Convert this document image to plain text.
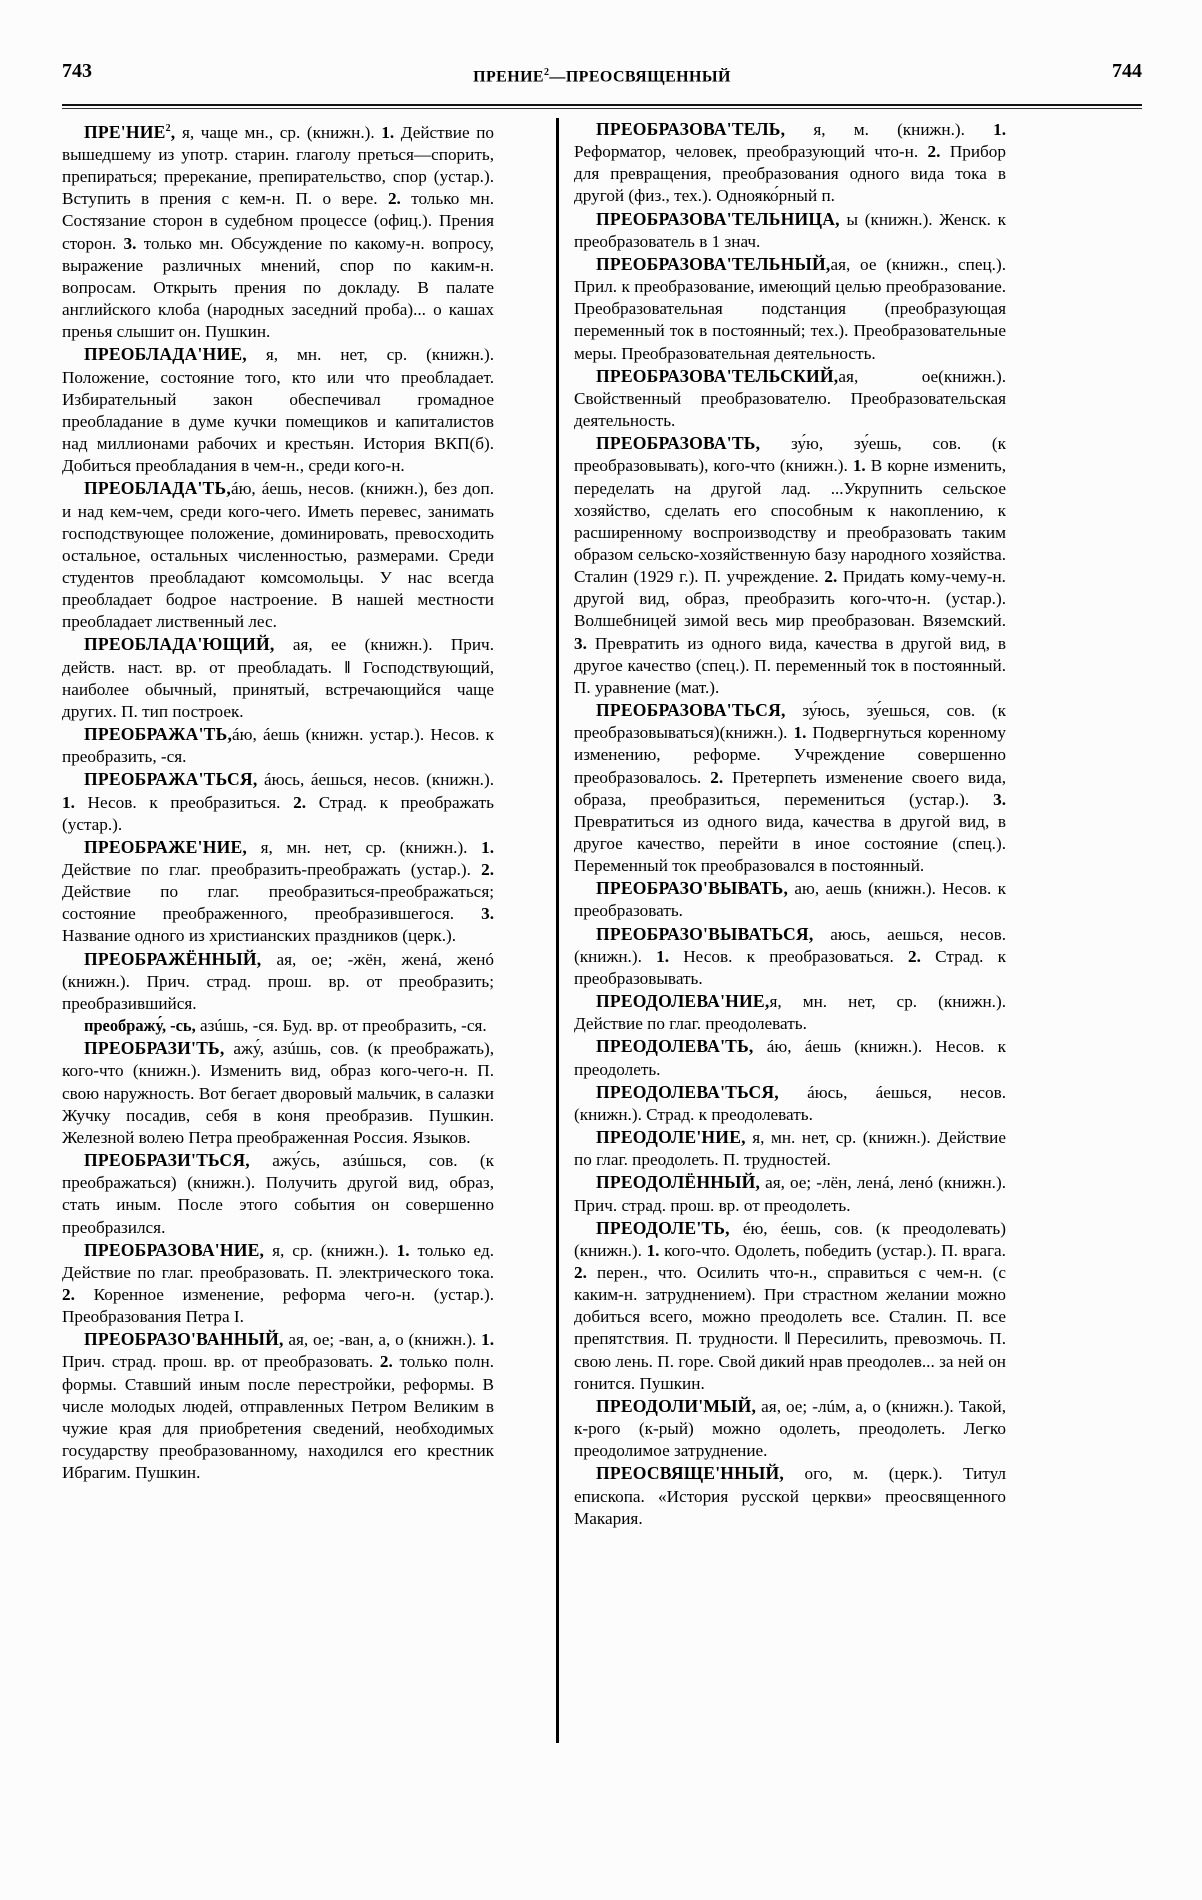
743	ПРЕНИЕ$^2$—ПРЕОСВЯЩЕННЫЙ	744

ПРЕ'НИЕ$^2$, я, чаще мн., ср. (книжн.). 1. Действие по вышедшему из употр. старин. глаголу преться—спорить, препираться; пререкание, препирательство, спор (устар.). Вступить в прения с кем-н. П. о вере. 2. только мн. Состязание сторон в судебном процессе (офиц.). Прения сторон. 3. только мн. Обсуждение по какому-н. вопросу, выражение различных мнений, спор по каким-н. вопросам. Открыть прения по докладу. В палате английского клоба (народных заседний проба)... о кашах пренья слышит он. Пушкин.

ПРЕОБЛАДА'НИЕ, я, мн. нет, ср. (книжн.). Положение, состояние того, кто или что преобладает. Избирательный закон обеспечивал громадное преобладание в думе кучки помещиков и капиталистов над миллионами рабочих и крестьян. История ВКП(б). Добиться преобладания в чем-н., среди кого-н.

ПРЕОБЛАДА'ТЬ,áю, áешь, несов. (книжн.), без доп. и над кем-чем, среди кого-чего. Иметь перевес, занимать господствующее положение, доминировать, превосходить остальное, остальных численностью, размерами. Среди студентов преобладают комсомольцы. У нас всегда преобладает бодрое настроение. В нашей местности преобладает лиственный лес.

ПРЕОБЛАДА'ЮЩИЙ, ая, ее (книжн.). Прич. действ. наст. вр. от преобладать. ‖ Господствующий, наиболее обычный, принятый, встречающийся чаще других. П. тип построек.

ПРЕОБРАЖА'ТЬ,áю, áешь (книжн. устар.). Несов. к преобразить, -ся.

ПРЕОБРАЖА'ТЬСЯ, áюсь, áешься, несов. (книжн.). 1. Несов. к преобразиться. 2. Страд. к преображать (устар.).

ПРЕОБРАЖЕ'НИЕ, я, мн. нет, ср. (книжн.). 1. Действие по глаг. преобразить-преображать (устар.). 2. Действие по глаг. преобразиться-преображаться; состояние преображенного, преобразившегося. 3. Название одного из христианских праздников (церк.).

ПРЕОБРАЖЁННЫЙ, ая, ое; -жён, женá, женó (книжн.). Прич. страд. прош. вр. от преобразить; преобразившийся.

преображу́, -сь, азúшь, -ся. Буд. вр. от преобразить, -ся.

ПРЕОБРАЗИ'ТЬ, ажу́, азúшь, сов. (к преображать), кого-что (книжн.). Изменить вид, образ кого-чего-н. П. свою наружность. Вот бегает дворовый мальчик, в салазки Жучку посадив, себя в коня преобразив. Пушкин. Железной волею Петра преображенная Россия. Языков.

ПРЕОБРАЗИ'ТЬСЯ, ажу́сь, азúшься, сов. (к преображаться) (книжн.). Получить другой вид, образ, стать иным. После этого события он совершенно преобразился.

ПРЕОБРАЗОВА'НИЕ, я, ср. (книжн.). 1. только ед. Действие по глаг. преобразовать. П. электрического тока. 2. Коренное изменение, реформа чего-н. (устар.). Преобразования Петра I.

ПРЕОБРАЗО'ВАННЫЙ, ая, ое; -ван, а, о (книжн.). 1. Прич. страд. прош. вр. от преобразовать. 2. только полн. формы. Ставший иным после перестройки, реформы. В числе молодых людей, отправленных Петром Великим в чужие края для приобретения сведений, необходимых государству преобразованному, находился его крестник Ибрагим. Пушкин.

ПРЕОБРАЗОВА'ТЕЛЬ, я, м. (книжн.). 1. Реформатор, человек, преобразующий что-н. 2. Прибор для превращения, преобразования одного вида тока в другой (физ., тех.). Однояко́рный п.

ПРЕОБРАЗОВА'ТЕЛЬНИЦА, ы (книжн.). Женск. к преобразователь в 1 знач.

ПРЕОБРАЗОВА'ТЕЛЬНЫЙ,ая, ое (книжн., спец.). Прил. к преобразование, имеющий целью преобразование. Преобразовательная подстанция (преобразующая переменный ток в постоянный; тех.). Преобразовательные меры. Преобразовательная деятельность.

ПРЕОБРАЗОВА'ТЕЛЬСКИЙ,ая, ое(книжн.). Свойственный преобразователю. Преобразовательская деятельность.

ПРЕОБРАЗОВА'ТЬ, зу́ю, зу́ешь, сов. (к преобразовывать), кого-что (книжн.). 1. В корне изменить, переделать на другой лад. ...Укрупнить сельское хозяйство, сделать его способным к накоплению, к расширенному воспроизводству и преобразовать таким образом сельско-хозяйственную базу народного хозяйства. Сталин (1929 г.). П. учреждение. 2. Придать кому-чему-н. другой вид, образ, преобразить кого-что-н. (устар.). Волшебницей зимой весь мир преобразован. Вяземский. 3. Превратить из одного вида, качества в другой вид, в другое качество (спец.). П. переменный ток в постоянный. П. уравнение (мат.).

ПРЕОБРАЗОВА'ТЬСЯ, зу́юсь, зу́ешься, сов. (к преобразовываться)(книжн.). 1. Подвергнуться коренному изменению, реформе. Учреждение совершенно преобразовалось. 2. Претерпеть изменение своего вида, образа, преобразиться, перемениться (устар.). 3. Превратиться из одного вида, качества в другой вид, в другое качество, перейти в иное состояние (спец.). Переменный ток преобразовался в постоянный.

ПРЕОБРАЗО'ВЫВАТЬ, аю, аешь (книжн.). Несов. к преобразовать.

ПРЕОБРАЗО'ВЫВАТЬСЯ, аюсь, аешься, несов. (книжн.). 1. Несов. к преобразоваться. 2. Страд. к преобразовывать.

ПРЕОДОЛЕВА'НИЕ,я, мн. нет, ср. (книжн.). Действие по глаг. преодолевать.

ПРЕОДОЛЕВА'ТЬ, áю, áешь (книжн.). Несов. к преодолеть.

ПРЕОДОЛЕВА'ТЬСЯ, áюсь, áешься, несов. (книжн.). Страд. к преодолевать.

ПРЕОДОЛЕ'НИЕ, я, мн. нет, ср. (книжн.). Действие по глаг. преодолеть. П. трудностей.

ПРЕОДОЛЁННЫЙ, ая, ое; -лён, ленá, ленó (книжн.). Прич. страд. прош. вр. от преодолеть.

ПРЕОДОЛЕ'ТЬ, éю, éешь, сов. (к преодолевать) (книжн.). 1. кого-что. Одолеть, победить (устар.). П. врага. 2. перен., что. Осилить что-н., справиться с чем-н. (с каким-н. затруднением). При страстном желании можно добиться всего, можно преодолеть все. Сталин. П. все препятствия. П. трудности. ‖ Пересилить, превозмочь. П. свою лень. П. горе. Свой дикий нрав преодолев... за ней он гонится. Пушкин.

ПРЕОДОЛИ'МЫЙ, ая, ое; -лúм, а, о (книжн.). Такой, к-рого (к-рый) можно одолеть, преодолеть. Легко преодолимое затруднение.

ПРЕОСВЯЩЕ'ННЫЙ, ого, м. (церк.). Титул епископа. «История русской церкви» преосвященного Макария.
